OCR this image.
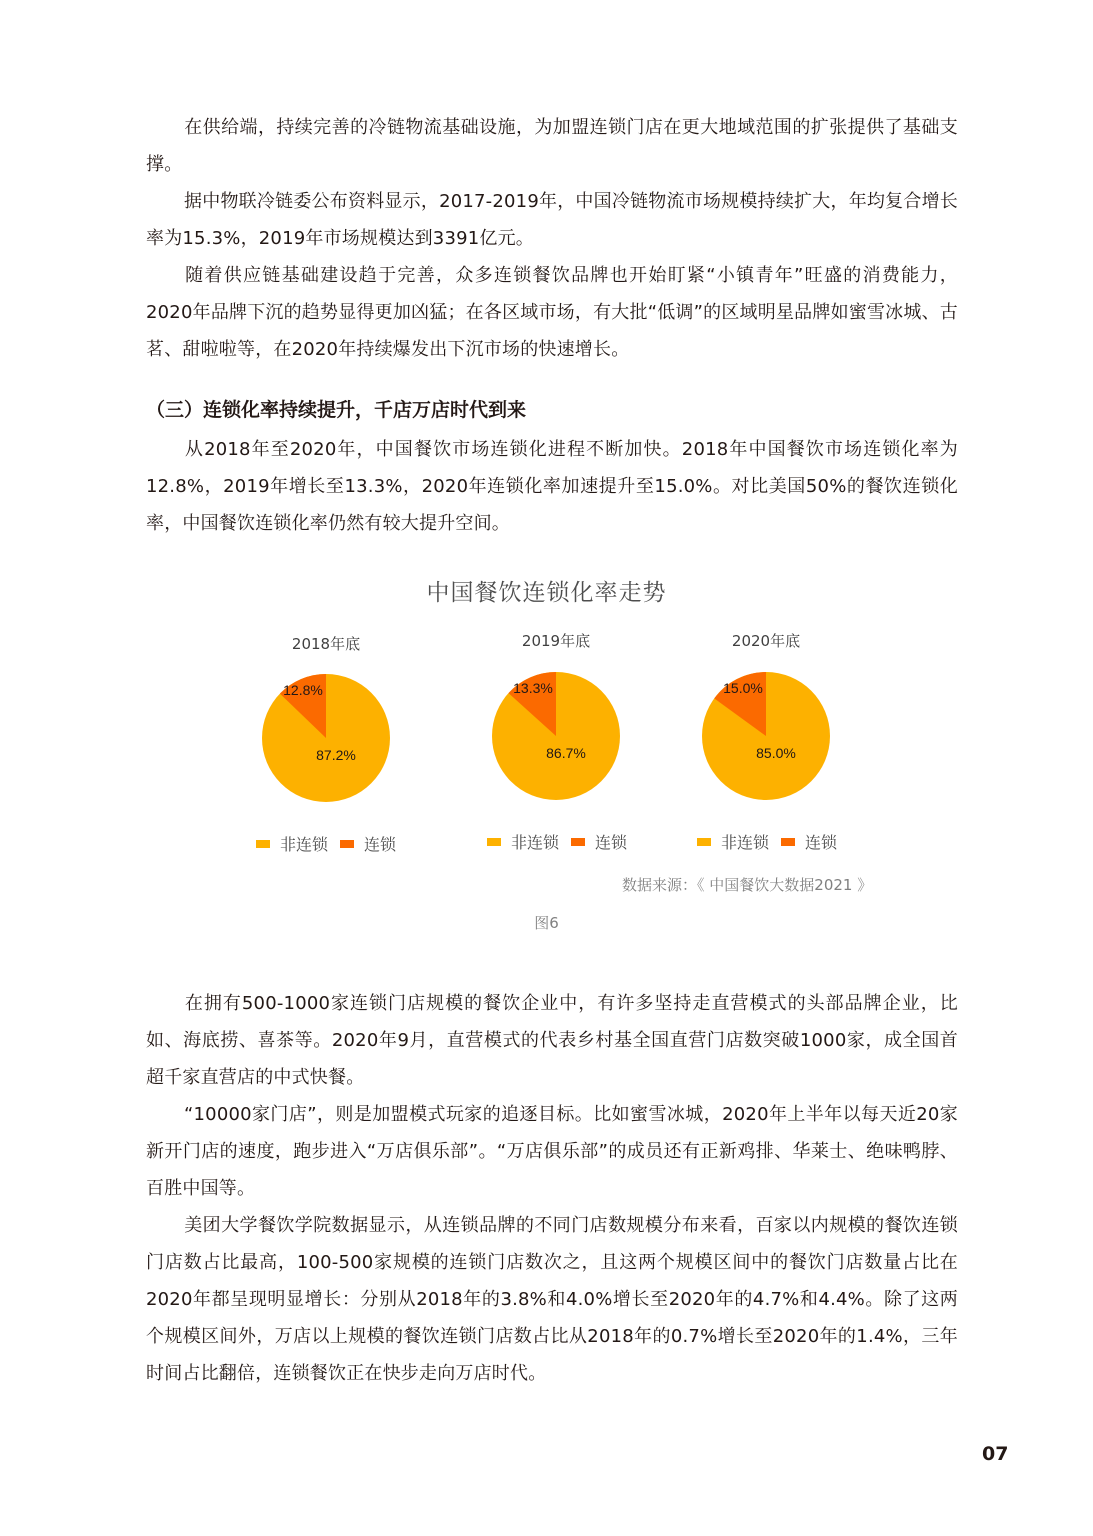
在供给端，持续完善的冷链物流基础设施，为加盟连锁门店在更大地域范围的扩张提供了基础支撑。

据中物联冷链委公布资料显示，2017-2019年，中国冷链物流市场规模持续扩大，年均复合增长率为15.3%，2019年市场规模达到3391亿元。

随着供应链基础建设趋于完善，众多连锁餐饮品牌也开始盯紧“小镇青年”旺盛的消费能力，2020年品牌下沉的趋势显得更加凶猛；在各区域市场，有大批“低调”的区域明星品牌如蜜雪冰城、古茗、甜啦啦等，在2020年持续爆发出下沉市场的快速增长。

（三）连锁化率持续提升，千店万店时代到来

从2018年至2020年，中国餐饮市场连锁化进程不断加快。2018年中国餐饮市场连锁化率为12.8%，2019年增长至13.3%，2020年连锁化率加速提升至15.0%。对比美国50%的餐饮连锁化率，中国餐饮连锁化率仍然有较大提升空间。

中国餐饮连锁化率走势
2018年底	2019年底	2020年底
87.2%
12.8%
86.7%
13.3%
85.0%
15.0%
非连锁 连锁	非连锁 连锁	非连锁 连锁
数据来源：《 中国餐饮大数据2021 》
图6

在拥有500-1000家连锁门店规模的餐饮企业中，有许多坚持走直营模式的头部品牌企业，比如、海底捞、喜茶等。2020年9月，直营模式的代表乡村基全国直营门店数突破1000家，成全国首超千家直营店的中式快餐。

“10000家门店”，则是加盟模式玩家的追逐目标。比如蜜雪冰城，2020年上半年以每天近20家新开门店的速度，跑步进入“万店俱乐部”。“万店俱乐部”的成员还有正新鸡排、华莱士、绝味鸭脖、百胜中国等。

美团大学餐饮学院数据显示，从连锁品牌的不同门店数规模分布来看，百家以内规模的餐饮连锁门店数占比最高，100-500家规模的连锁门店数次之，且这两个规模区间中的餐饮门店数量占比在2020年都呈现明显增长：分别从2018年的3.8%和4.0%增长至2020年的4.7%和4.4%。除了这两个规模区间外，万店以上规模的餐饮连锁门店数占比从2018年的0.7%增长至2020年的1.4%，三年时间占比翻倍，连锁餐饮正在快步走向万店时代。

07
